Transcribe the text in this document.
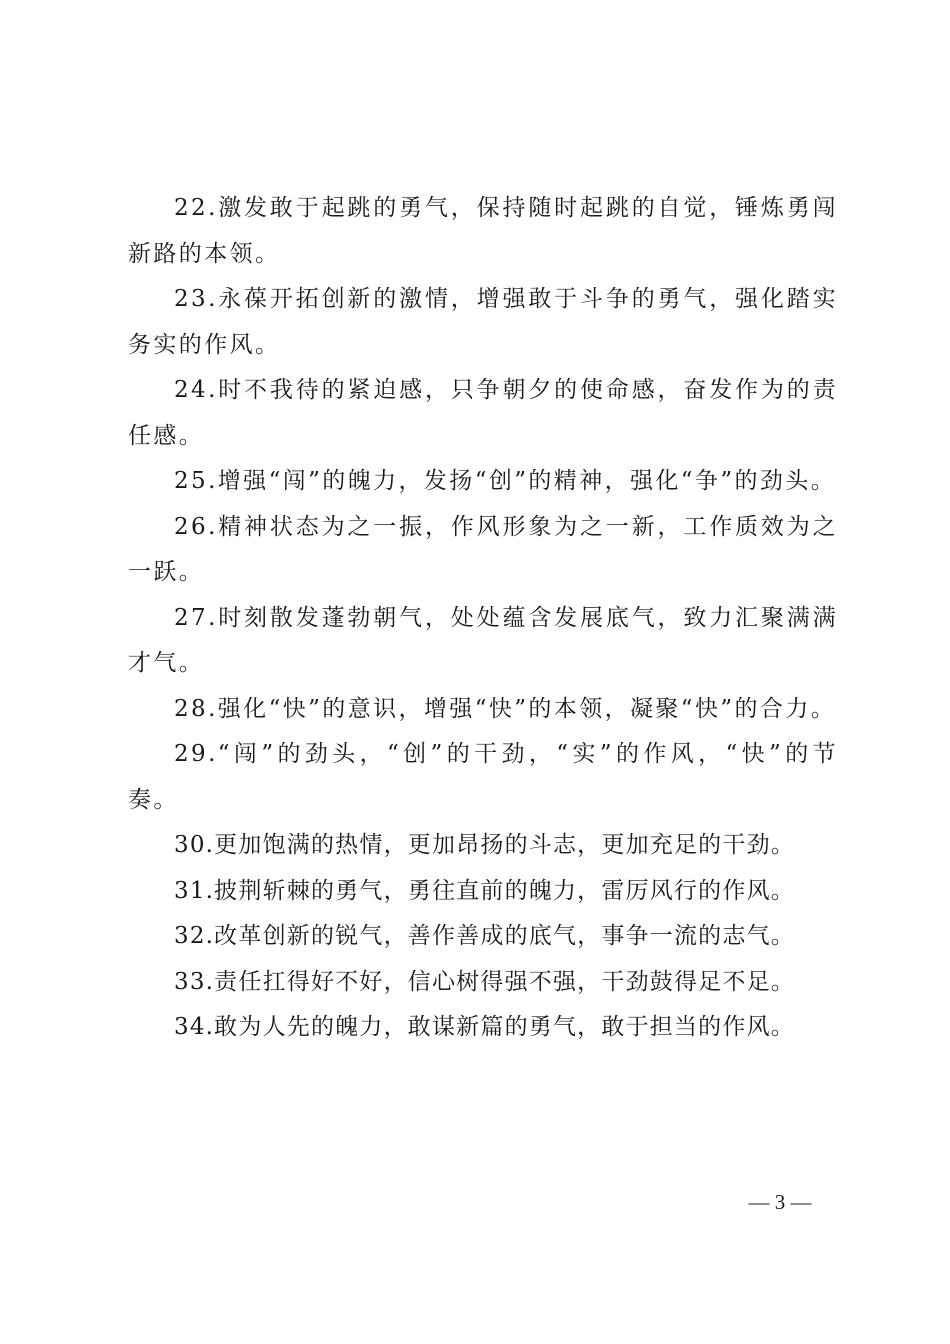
22.激发敢于起跳的勇气，保持随时起跳的自觉，锤炼勇闯新路的本领。

23.永葆开拓创新的激情，增强敢于斗争的勇气，强化踏实务实的作风。

24.时不我待的紧迫感，只争朝夕的使命感，奋发作为的责任感。

25.增强“闯”的魄力，发扬“创”的精神，强化“争”的劲头。

26.精神状态为之一振，作风形象为之一新，工作质效为之一跃。

27.时刻散发蓬勃朝气，处处蕴含发展底气，致力汇聚满满才气。

28.强化“快”的意识，增强“快”的本领，凝聚“快”的合力。

29.“闯”的劲头，“创”的干劲，“实”的作风，“快”的节奏。

30.更加饱满的热情，更加昂扬的斗志，更加充足的干劲。

31.披荆斩棘的勇气，勇往直前的魄力，雷厉风行的作风。

32.改革创新的锐气，善作善成的底气，事争一流的志气。

33.责任扛得好不好，信心树得强不强，干劲鼓得足不足。

34.敢为人先的魄力，敢谋新篇的勇气，敢于担当的作风。

— 3 —
